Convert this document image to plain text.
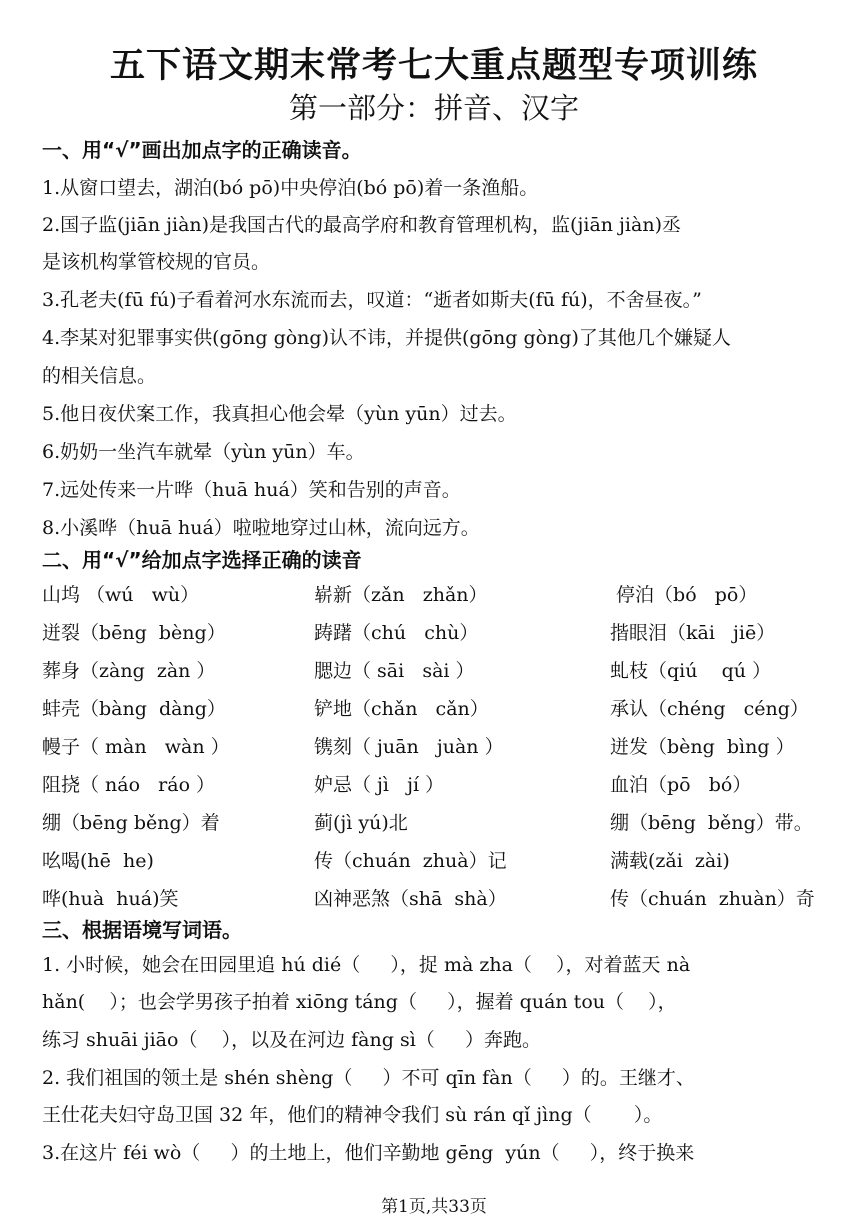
五下语文期末常考七大重点题型专项训练
第一部分：拼音、汉字
一、用“√”画出加点字的正确读音。
1.从窗口望去，湖泊(bó pō)中央停泊(bó pō)着一条渔船。
2.国子监(jiān jiàn)是我国古代的最高学府和教育管理机构，监(jiān jiàn)丞
是该机构掌管校规的官员。
3.孔老夫(fū fú)子看着河水东流而去，叹道：“逝者如斯夫(fū fú)，不舍昼夜。”
4.李某对犯罪事实供(gōng gòng)认不讳，并提供(gōng gòng)了其他几个嫌疑人
的相关信息。
5.他日夜伏案工作，我真担心他会晕（yùn yūn）过去。
6.奶奶一坐汽车就晕（yùn yūn）车。
7.远处传来一片哗（huā huá）笑和告别的声音。
8.小溪哗（huā huá）啦啦地穿过山林，流向远方。
二、用“√”给加点字选择正确的读音
山坞 （wú   wù）	崭新（zǎn   zhǎn）	停泊（bó   pō）
迸裂（bēng  bèng）	踌躇（chú   chù）	揩眼泪（kāi   jiē）
葬身（zàng  zàn ）	腮边（ sāi   sài ）	虬枝（qiú    qú ）
蚌壳（bàng  dàng）	铲地（chǎn   cǎn）	承认（chéng   céng）
幔子（ màn   wàn ）	镌刻（ juān   juàn ）	迸发（bèng  bìng ）
阻挠（ náo   ráo ）	妒忌（ jì   jí ）	血泊（pō   bó）
绷（bēng běng）着	蓟(jì yú)北	绷（bēng  běng）带。
吆喝(hē  he)	传（chuán  zhuà）记	满载(zǎi  zài)
哗(huà  huá)笑	凶神恶煞（shā  shà）	传（chuán  zhuàn）奇
三、根据语境写词语。
1. 小时候，她会在田园里追 hú dié（     ），捉 mà zha（    ），对着蓝天 nà
hǎn(    ）；也会学男孩子拍着 xiōng táng（     ），握着 quán tou（    ），
练习 shuāi jiāo（    ），以及在河边 fàng sì（     ）奔跑。
2. 我们祖国的领土是 shén shèng（     ）不可 qīn fàn（     ）的。王继才、
王仕花夫妇守岛卫国 32 年，他们的精神令我们 sù rán qǐ jìng（       ）。
3.在这片 féi wò（     ）的土地上，他们辛勤地 gēng  yún（     ），终于换来
第1页,共33页
